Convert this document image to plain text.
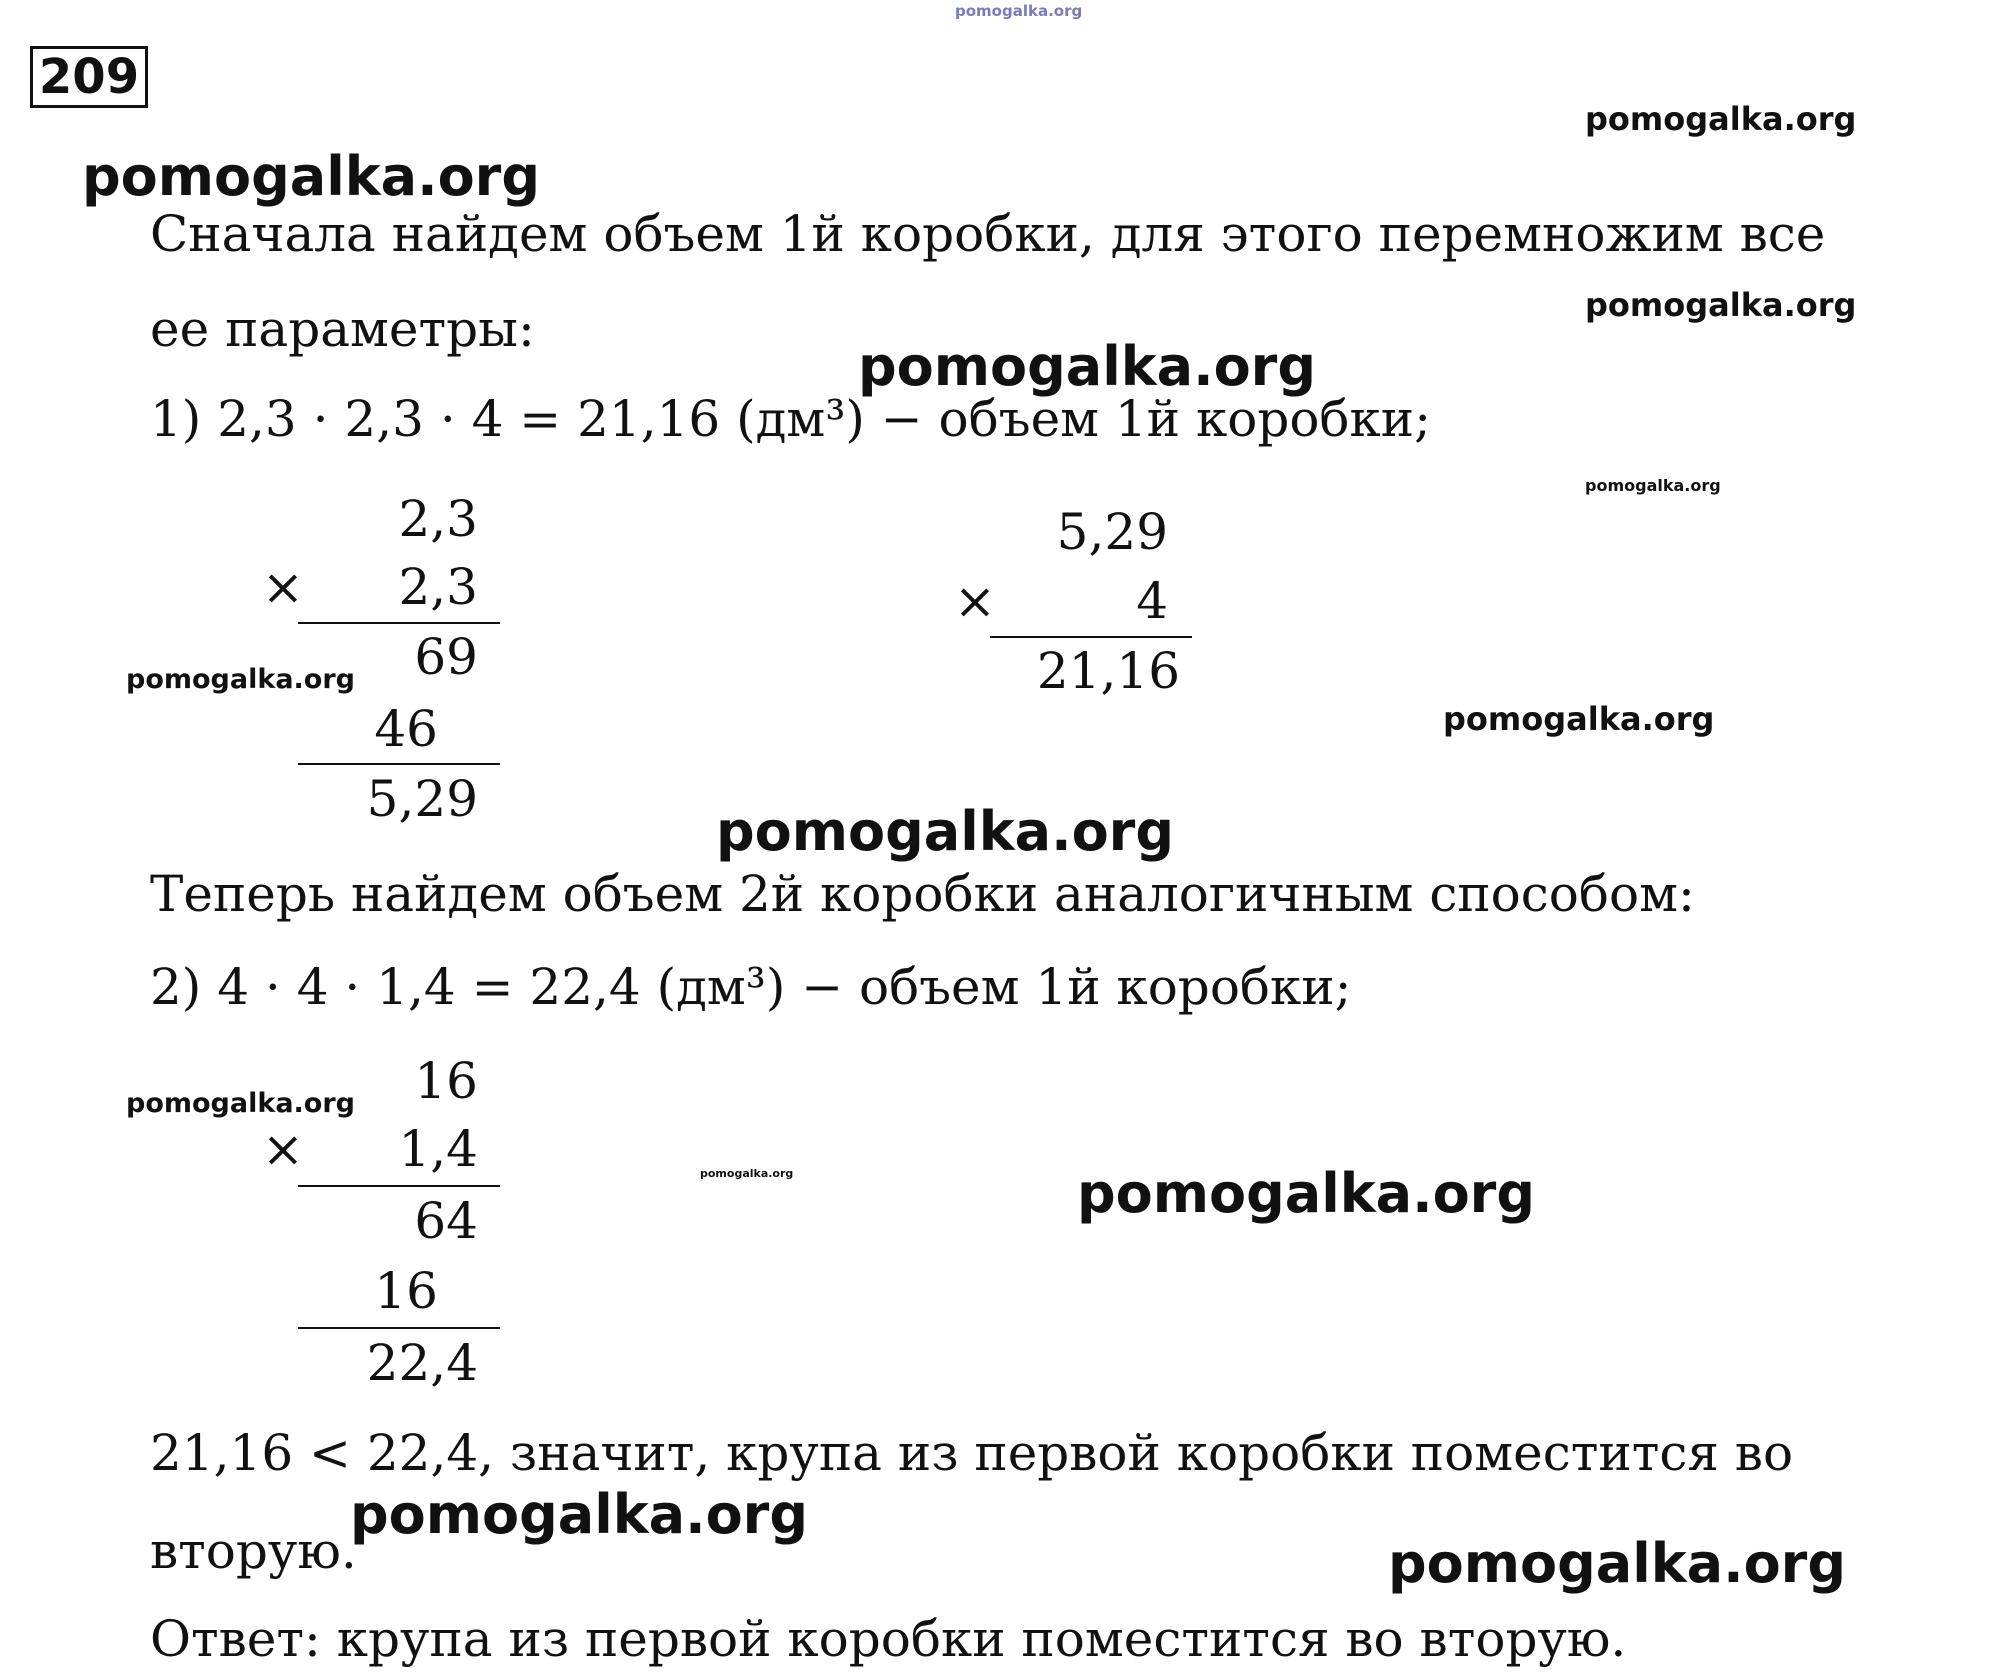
209
pomogalka.org
pomogalka.org
pomogalka.org
pomogalka.org
pomogalka.org
pomogalka.org
pomogalka.org
pomogalka.org
pomogalka.org
pomogalka.org
pomogalka.org	pomogalka.org
pomogalka.org
pomogalka.org
Сначала найдем объем 1й коробки, для этого перемножим все
ее параметры:
1) 2,3 · 2,3 · 4 = 21,16 (дм³) − объем 1й коробки;
2,3
×	2,3
69
46
5,29
5,29
×	4
21,16
Теперь найдем объем 2й коробки аналогичным способом:
2) 4 · 4 · 1,4 = 22,4 (дм³) − объем 1й коробки;
16
×	1,4
64
16
22,4
21,16 < 22,4, значит, крупа из первой коробки поместится во
вторую.
Ответ: крупа из первой коробки поместится во вторую.
